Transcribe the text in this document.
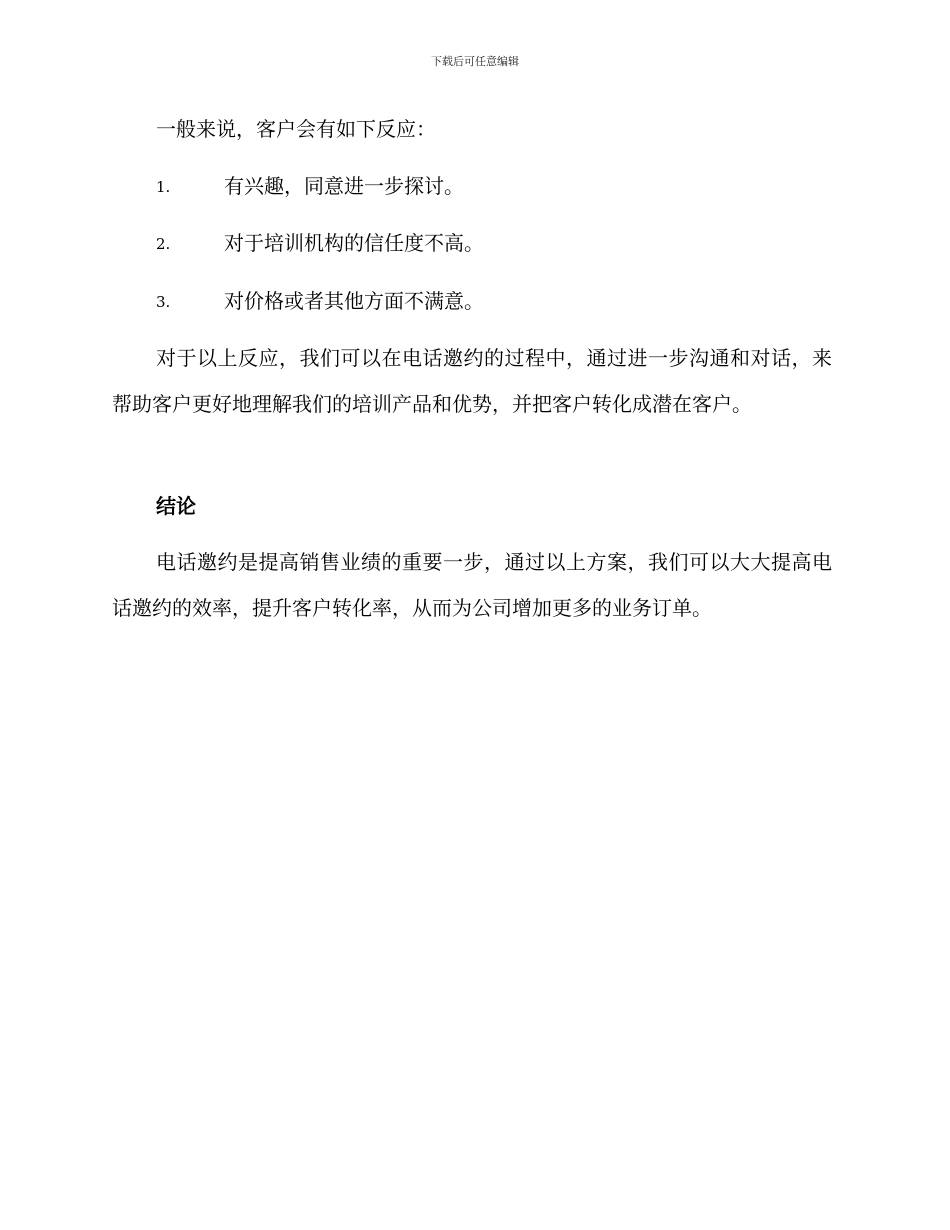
下载后可任意编辑
一般来说，客户会有如下反应：
1.	有兴趣，同意进一步探讨。
2.	对于培训机构的信任度不高。
3.	对价格或者其他方面不满意。
对于以上反应，我们可以在电话邀约的过程中，通过进一步沟通和对话，来帮助客户更好地理解我们的培训产品和优势，并把客户转化成潜在客户。
结论
电话邀约是提高销售业绩的重要一步，通过以上方案，我们可以大大提高电话邀约的效率，提升客户转化率，从而为公司增加更多的业务订单。
